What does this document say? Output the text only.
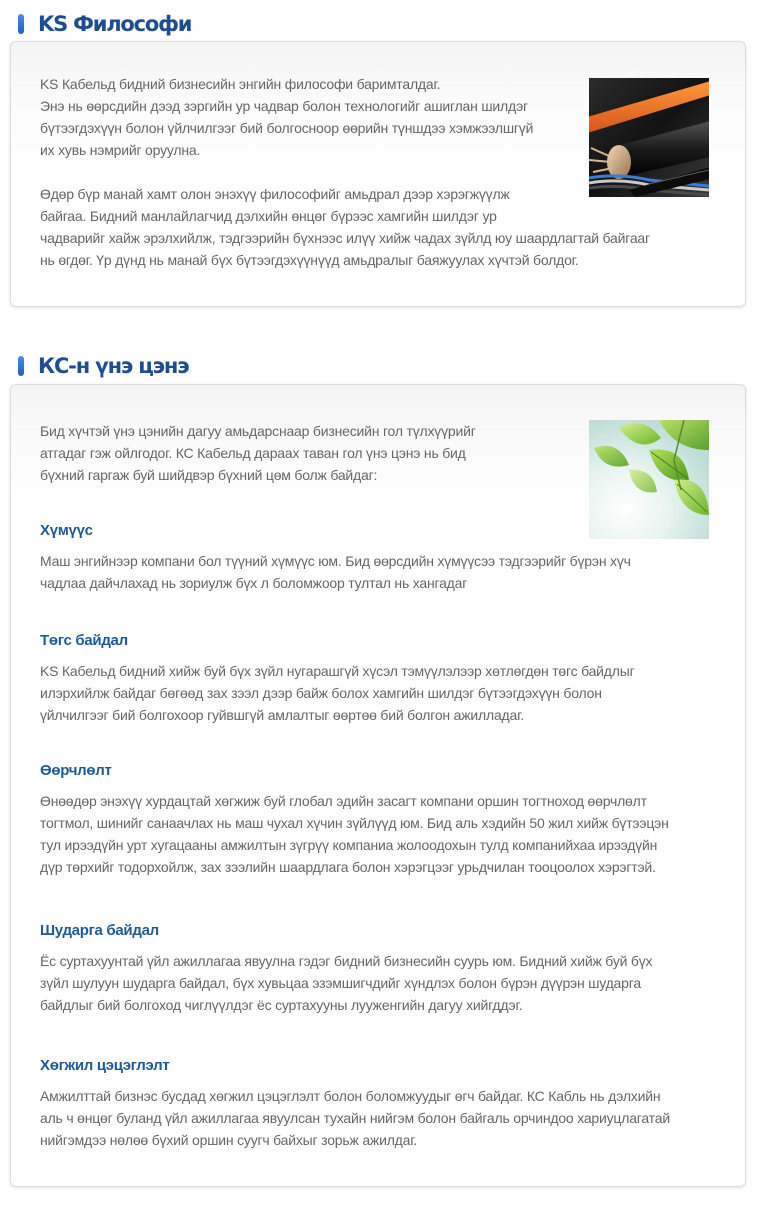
KS Философи

KS Кабельд бидний бизнесийн энгийн философи баримталдаг.
Энэ нь өөрсдийн дээд зэргийн ур чадвар болон технологийг ашиглан шилдэг
бүтээгдэхүүн болон үйлчилгээг бий болгосноор өөрийн түншдээ хэмжээлшгүй
их хувь нэмрийг оруулна.

Өдөр бүр манай хамт олон энэхүү философийг амьдрал дээр хэрэгжүүлж
байгаа. Бидний манлайлагчид дэлхийн өнцөг бүрээс хамгийн шилдэг ур
чадварийг хайж эрэлхийлж, тэдгээрийн бүхнээс илүү хийж чадах зүйлд юу шаардлагтай байгааг
нь өгдөг. Үр дүнд нь манай бүх бүтээгдэхүүнүүд амьдралыг баяжуулах хүчтэй болдог.

КС-н үнэ цэнэ

Бид хүчтэй үнэ цэнийн дагуу амьдарснаар бизнесийн гол түлхүүрийг
атгадаг гэж ойлгодог. КС Кабельд дараах таван гол үнэ цэнэ нь бид
бүхний гаргаж буй шийдвэр бүхний цөм болж байдаг:

Хүмүүс

Маш энгийнээр компани бол түүний хүмүүс юм. Бид өөрсдийн хүмүүсээ тэдгээрийг бүрэн хүч
чадлаа дайчлахад нь зориулж бүх л боломжоор тултал нь хангадаг

Төгс байдал

KS Кабельд бидний хийж буй бүх зүйл нугарашгүй хүсэл тэмүүлэлээр хөтлөгдөн төгс байдлыг
илэрхийлж байдаг бөгөөд зах зээл дээр байж болох хамгийн шилдэг бүтээгдэхүүн болон
үйлчилгээг бий болгохоор гуйвшгүй амлалтыг өөртөө бий болгон ажилладаг.

Өөрчлөлт

Өнөөдөр энэхүү хурдацтай хөгжиж буй глобал эдийн засагт компани оршин тогтноход өөрчлөлт
тогтмол, шинийг санаачлах нь маш чухал хүчин зүйлүүд юм. Бид аль хэдийн 50 жил хийж бүтээцэн
тул ирээдүйн урт хугацааны амжилтын зүгрүү компаниа жолоодохын тулд компанийхаа ирээдүйн
дүр төрхийг тодорхойлж, зах зээлийн шаардлага болон хэрэгцээг урьдчилан тооцоолох хэрэгтэй.

Шударга байдал

Ёс суртахуунтай үйл ажиллагаа явуулна гэдэг бидний бизнесийн суурь юм. Бидний хийж буй бүх
зүйл шулуун шударга байдал, бүх хувьцаа эзэмшигчдийг хүндлэх болон бүрэн дүүрэн шударга
байдлыг бий болгоход чиглүүлдэг ёс суртахууны лууженгийн дагуу хийгддэг.

Хөгжил цэцэглэлт

Амжилттай бизнэс бусдад хөгжил цэцэглэлт болон боломжуудыг өгч байдаг. КС Кабль нь дэлхийн
аль ч өнцөг буланд үйл ажиллагаа явуулсан тухайн нийгэм болон байгаль орчиндоо хариуцлагатай
нийгэмдээ нөлөө бүхий оршин суугч байхыг зорьж ажилдаг.
